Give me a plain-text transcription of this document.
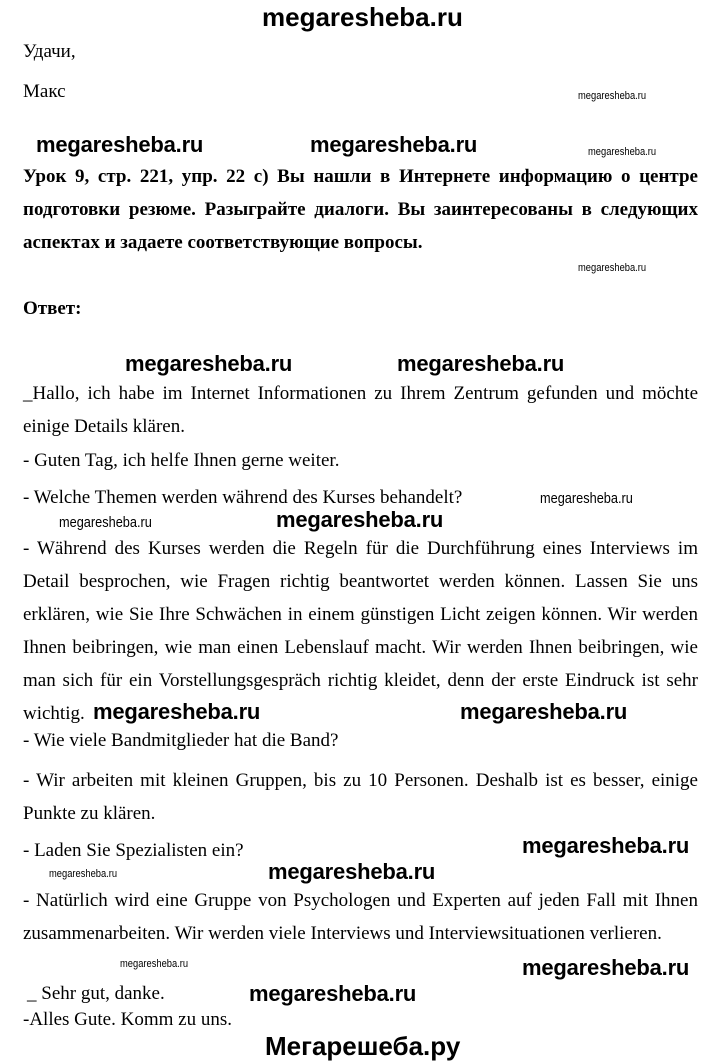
megaresheba.ru
Удачи,
Макс	megaresheba.ru
megaresheba.ru	megaresheba.ru	megaresheba.ru
Урок 9, стр. 221, упр. 22 с) Вы нашли в Интернете информацию о центре подготовки резюме. Разыграйте диалоги. Вы заинтересованы в следующих аспектах и задаете соответствующие вопросы.
megaresheba.ru
Ответ:
megaresheba.ru	megaresheba.ru
_Hallo, ich habe im Internet Informationen zu Ihrem Zentrum gefunden und möchte einige Details klären.
- Guten Tag, ich helfe Ihnen gerne weiter.
- Welche Themen werden während des Kurses behandelt?	megaresheba.ru
megaresheba.ru	megaresheba.ru
- Während des Kurses werden die Regeln für die Durchführung eines Interviews im Detail besprochen, wie Fragen richtig beantwortet werden können. Lassen Sie uns erklären, wie Sie Ihre Schwächen in einem günstigen Licht zeigen können. Wir werden Ihnen beibringen, wie man einen Lebenslauf macht. Wir werden Ihnen beibringen, wie man sich für ein Vorstellungsgespräch richtig kleidet, denn der erste Eindruck ist sehr wichtig.	megaresheba.ru
megaresheba.ru
- Wie viele Bandmitglieder hat die Band?
- Wir arbeiten mit kleinen Gruppen, bis zu 10 Personen. Deshalb ist es besser, einige Punkte zu klären.
megaresheba.ru
- Laden Sie Spezialisten ein?
megaresheba.ru	megaresheba.ru
- Natürlich wird eine Gruppe von Psychologen und Experten auf jeden Fall mit Ihnen zusammenarbeiten. Wir werden viele Interviews und Interviewsituationen verlieren.
megaresheba.ru	megaresheba.ru
_ Sehr gut, danke.	megaresheba.ru
-Alles Gute. Komm zu uns.
Мегарешеба.ру
